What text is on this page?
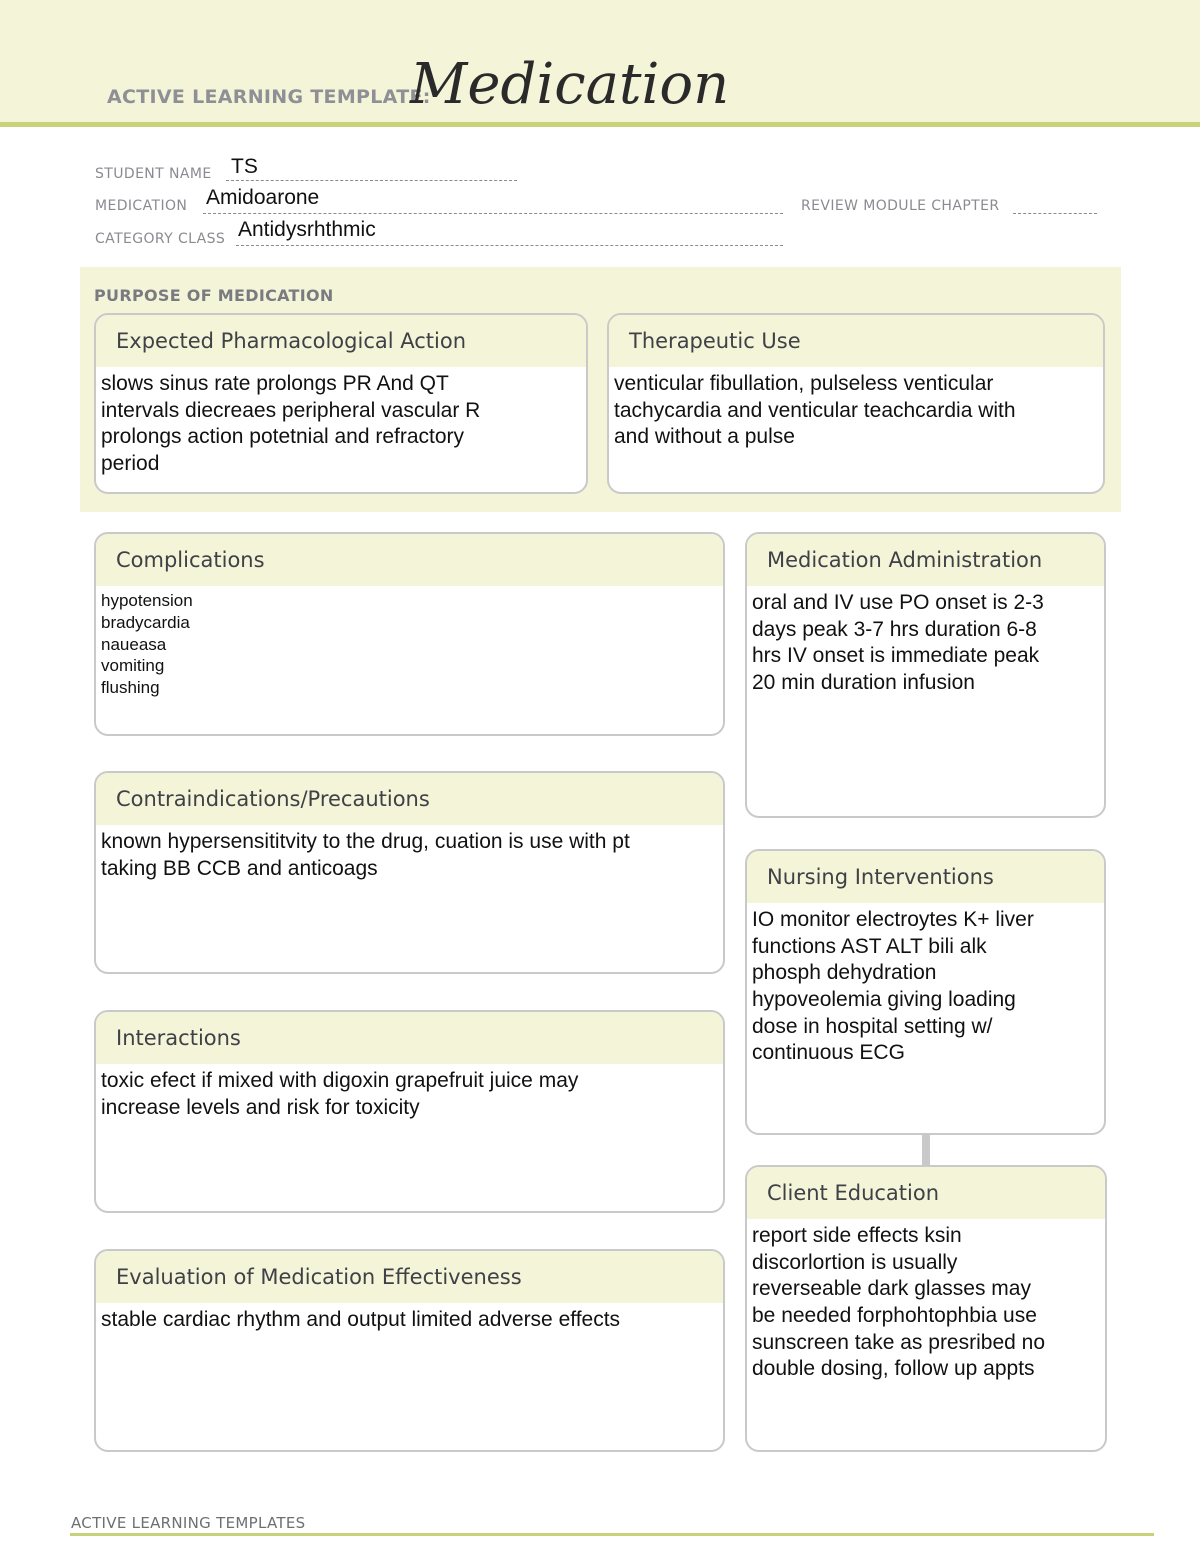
ACTIVE LEARNING TEMPLATE:
Medication
STUDENT NAME TS
MEDICATION Amidoarone	REVIEW MODULE CHAPTER
CATEGORY CLASS Antidysrhthmic
PURPOSE OF MEDICATION
Expected Pharmacological Action
slows sinus rate prolongs PR And QT
intervals diecreaes peripheral vascular R
prolongs action potetnial and refractory
period
Therapeutic Use
venticular fibullation, pulseless venticular
tachycardia and venticular teachcardia with
and without a pulse
Complications
hypotension
bradycardia
naueasa
vomiting
flushing
Contraindications/Precautions
known hypersensititvity to the drug, cuation is use with pt
taking BB CCB and anticoags
Interactions
toxic efect if mixed with digoxin grapefruit juice may
increase levels and risk for toxicity
Evaluation of Medication Effectiveness
stable cardiac rhythm and output limited adverse effects
Medication Administration
oral and IV use PO onset is 2-3
days peak 3-7 hrs duration 6-8
hrs IV onset is immediate peak
20 min duration infusion
Nursing Interventions
IO monitor electroytes K+ liver
functions AST ALT bili alk
phosph dehydration
hypoveolemia giving loading
dose in hospital setting w/
continuous ECG
Client Education
report side effects ksin
discorlortion is usually
reverseable dark glasses may
be needed forphohtophbia use
sunscreen take as presribed no
double dosing, follow up appts
ACTIVE LEARNING TEMPLATES
